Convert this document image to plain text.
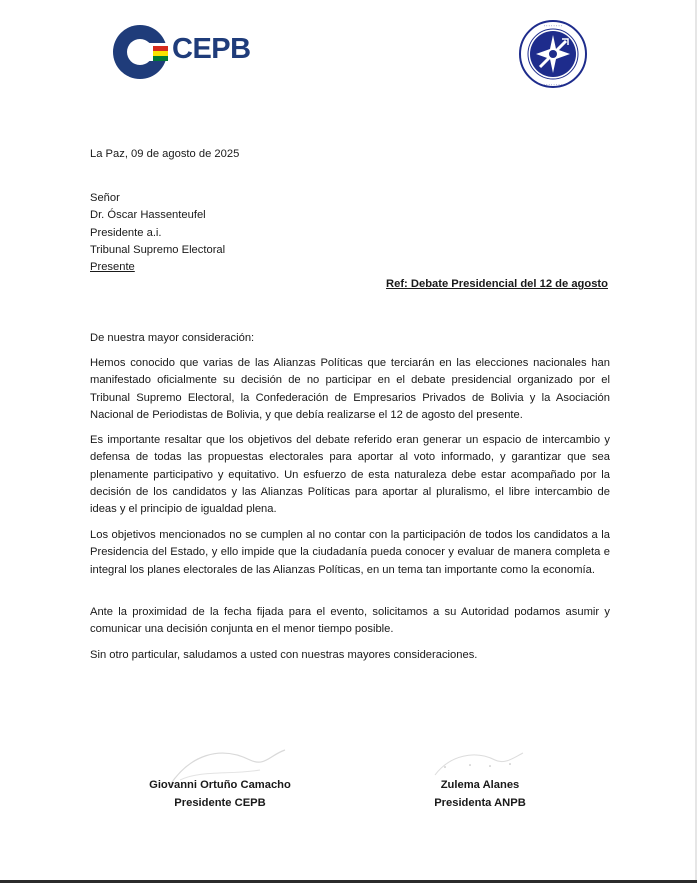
CEPB
· · · · · · · ·
· · · · · · · ·
La Paz, 09 de agosto de 2025
Señor
Dr. Óscar Hassenteufel
Presidente a.i.
Tribunal Supremo Electoral
Presente
Ref: Debate Presidencial del 12 de agosto
De nuestra mayor consideración:
Hemos conocido que varias de las Alianzas Políticas que terciarán en las elecciones nacionales han manifestado oficialmente su decisión de no participar en el debate presidencial organizado por el Tribunal Supremo Electoral, la Confederación de Empresarios Privados de Bolivia y la Asociación Nacional de Periodistas de Bolivia, y que debía realizarse el 12 de agosto del presente.
Es importante resaltar que los objetivos del debate referido eran generar un espacio de intercambio y defensa de todas las propuestas electorales para aportar al voto informado, y garantizar que sea plenamente participativo y equitativo. Un esfuerzo de esta naturaleza debe estar acompañado por la decisión de los candidatos y las Alianzas Políticas para aportar al pluralismo, el libre intercambio de ideas y el principio de igualdad plena.
Los objetivos mencionados no se cumplen al no contar con la participación de todos los candidatos a la Presidencia del Estado, y ello impide que la ciudadanía pueda conocer y evaluar de manera completa e integral los planes electorales de las Alianzas Políticas, en un tema tan importante como la economía.
Ante la proximidad de la fecha fijada para el evento, solicitamos a su Autoridad podamos asumir y comunicar una decisión conjunta en el menor tiempo posible.
Sin otro particular, saludamos a usted con nuestras mayores consideraciones.
Giovanni Ortuño Camacho
Presidente CEPB
Zulema Alanes
Presidenta ANPB
